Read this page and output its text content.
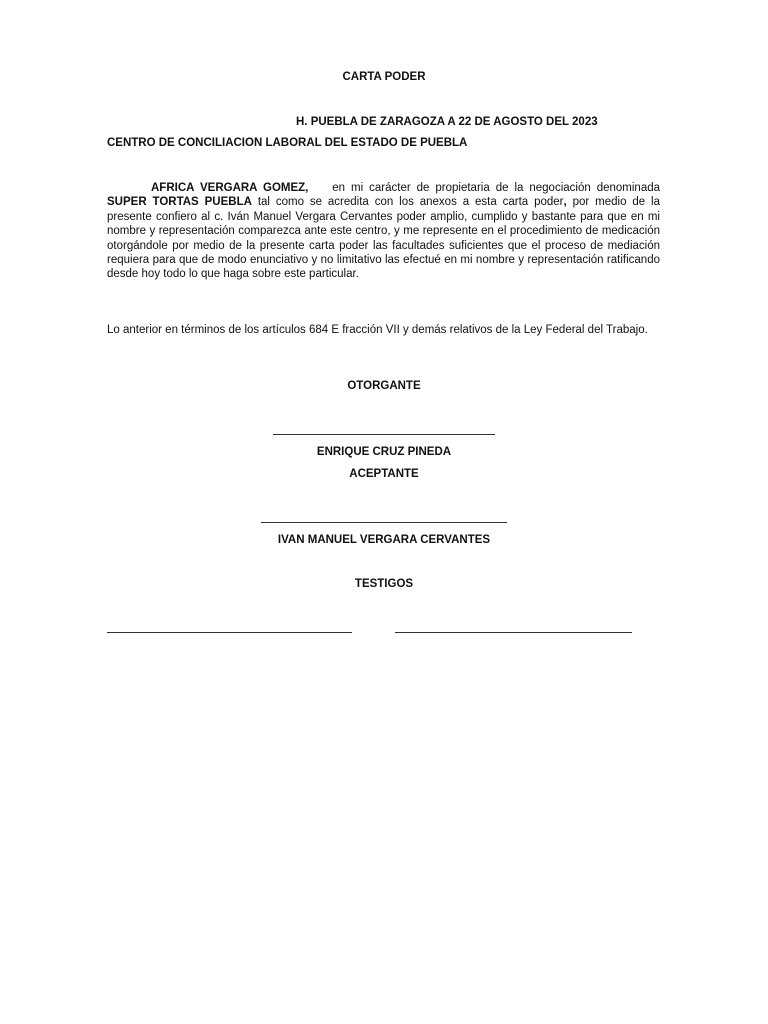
CARTA PODER
H. PUEBLA DE ZARAGOZA A 22 DE AGOSTO DEL 2023
CENTRO DE CONCILIACION LABORAL DEL ESTADO DE PUEBLA
AFRICA VERGARA GOMEZ, en mi carácter de propietaria de la negociación denominada SUPER TORTAS PUEBLA tal como se acredita con los anexos a esta carta poder, por medio de la presente confiero al c. Iván Manuel Vergara Cervantes poder amplio, cumplido y bastante para que en mi nombre y representación comparezca ante este centro, y me represente en el procedimiento de medicación otorgándole por medio de la presente carta poder las facultades suficientes que el proceso de mediación requiera para que de modo enunciativo y no limitativo las efectué en mi nombre y representación ratificando desde hoy todo lo que haga sobre este particular.
Lo anterior en términos de los artículos 684 E fracción VII y demás relativos de la Ley Federal del Trabajo.
OTORGANTE
ENRIQUE CRUZ PINEDA
ACEPTANTE
IVAN MANUEL VERGARA CERVANTES
TESTIGOS
